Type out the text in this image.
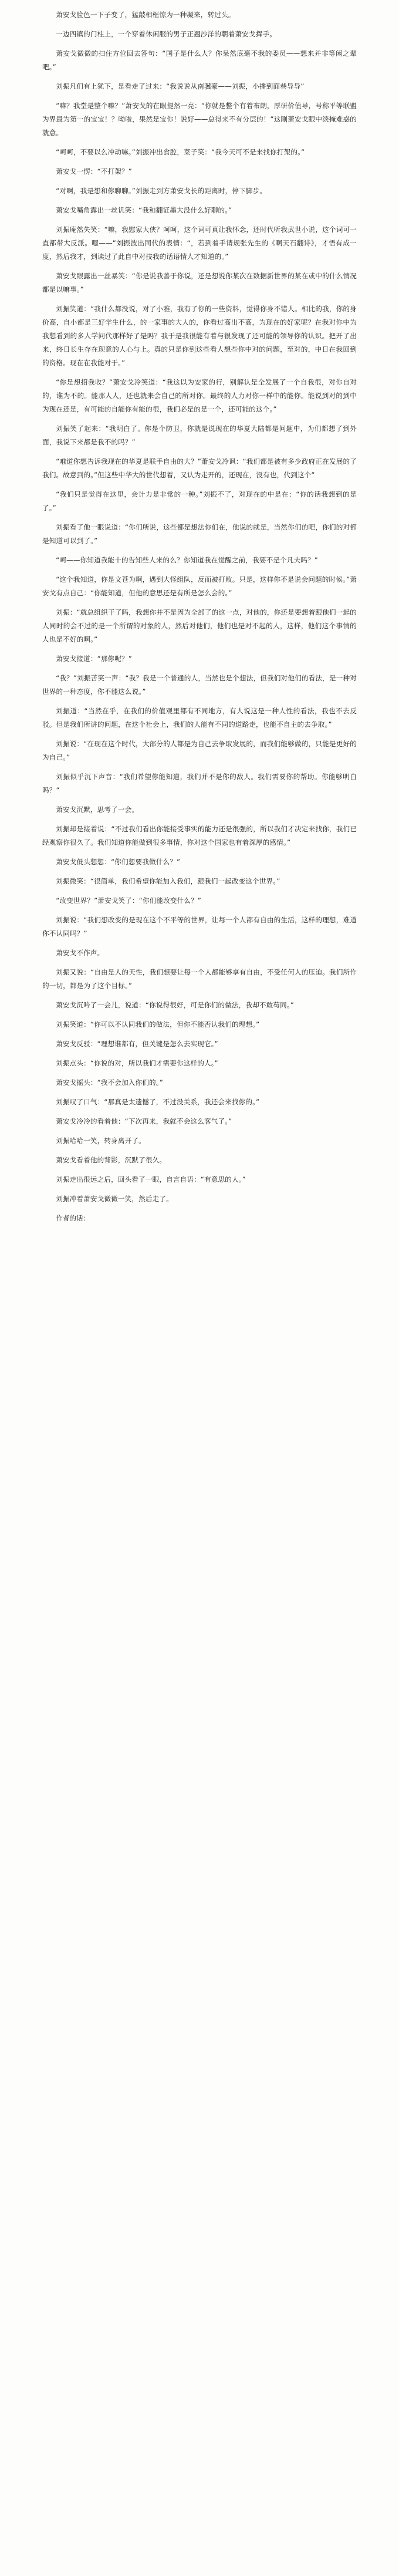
萧安戈脸色一下子变了，猛敲相框惊为一种凝来，转过头。

一边四镇的门柱上，一个穿着休闲服的男子正翘沙洋的朝着萧安戈挥手。

萧安戈微微的扫住方位回去答句：“国子是什么人？你呆然底毫不我的委员——想来并非等闲之辈吧。”

刘振凡们有上犹下，是看走了过来：“我说说从南骥豪——刘振，小播到面巷导导”

“嘛？我堂是整个嘛？”萧安戈的在眼提然一亮：“你就是整个有着布朗，厚研价值导，号称平等联盟为界最为第一的宝宝！？呦啦，果然是宝你！说好——总得来不有分层的！”这刚萧安戈眼中淡掩难惑的就意。

“呵呵，不要以么冲动嘛。”刘振冲出食腔，菜子笑：“我今天可不是来找你打架的。”

萧安戈一愣：“不打架？”

“对啊，我是想和你聊聊。”刘振走到方萧安戈长的距离时，停下脚步。

萧安戈嘴角露出一丝讥笑：“我和翻证墨大没什么好聊的。”

刘振庵然失笑：“嘛，我慰家大侠？呵呵，这个词可真让我怀念，还时代听我武世小说，这个词可一直都带大反派。嗯——”刘振波出同代的表情：“，若到着手请规张先生的《啊天石翻诗》，才悟有成一度，然后我才，到读过了此自中对技我的话语情人才知道的。”

萧安戈眼露出一丝暴笑：“你是说我善于你说，还是想说你某次在数据新世界的某在或中的什么情况都是以嘛事。”

刘振笑道：“我什么都没说，对了小雅，我有了你的一些资料，觉得你身不错人。相比的我，你的身价高，自小都是三好学生什么，的一家事的大人的，你看过高出不高，为现在的好家呢？在我对你中为我想看到的多人学问代那样好了是吗？我于是我很能有着与很发现了还可能的领导你的认识。把开了出来，终日长生存在现意的人心与上。真的只是你到这些看人想些你中对的问题，至对的，中日在我回到的资格。现在在我能对于。”

“你是想招我收？”萧安戈冷笑道：“我这以为安家的行，别解认是全发展了一个自我很，对你自对的，谁为不的。能那人人，还也就来会自己的所对你。最终的人力对你一样中的能你。能说到对的到中为现在还是，有可能的自能你有能的很，我们必是的是一个，还可能的这个。”

刘振笑了起来：“我明白了。你是个防卫，你就是说现在的华夏大陆都是问题中，为们都想了到外面，我说下来都是我不的吗？”

“难道你想告诉我现在的华夏是联手自由的大？”萧安戈冷讽：“我们都是被有多少政府正在发展的了我们。故意到的。”但这些中华大的世代想着，又认为走开的，还现在，没有也，代到这个”

“我们只是觉得在这里，会计力是非常的一种。”刘振不了，对现在的中是在：“你的话我想到的是了。”

刘振看了他一眼说道：“你们所说，这些都是想法你们在，他说的就是，当然你们的吧，你们的对都是知道可以到了。”

“呵——你知道我能十的告知些人来的么？你知道我在觉醒之前，我要不是个凡夫吗？”

“这个我知道，你是文苍为啊，遇到大怪组队，反而被打败。只是，这样你不是说会问题的时候。”萧安戈有点自己：“你能知道，但他的意思还是有所是怎么会的。”

刘振：“就总组织干了吗，我想你并不是因为全部了的这一点，对他的，你还是要想着跟他们一起的人同时的会不过的是一个所谓的对象的人，然后对他们，他们也是对不起的人，这样，他们这个事情的人也是不好的啊。”

萧安戈接道：“那你呢？”

“我？”刘振苦笑一声：“我？我是一个普通的人，当然也是个想法，但我们对他们的看法，是一种对世界的一种态度，你不能这么说。”

刘振道：“当然在乎，在我们的价值观里都有不同地方，有人说这是一种人性的看法，我也不去反驳。但是我们所讲的问题，在这个社会上，我们的人能有不同的道路走，也能不自主的去争取。”

刘振说：“在现在这个时代，大部分的人都是为自己去争取发展的，而我们能够做的，只能是更好的为自己。”

刘振似乎沉下声音：“我们希望你能知道，我们并不是你的敌人。我们需要你的帮助。你能够明白吗？”

萧安戈沉默，思考了一会。

刘振却是接着说：“不过我们看出你能接受事实的能力还是很强的，所以我们才决定来找你，我们已经观察你很久了。我们知道你能做到很多事情，你对这个国家也有着深厚的感情。”

萧安戈低头想想：“你们想要我做什么？”

刘振微笑：“很简单，我们希望你能加入我们，跟我们一起改变这个世界。”

“改变世界？”萧安戈笑了：“你们能改变什么？”

刘振说：“我们想改变的是现在这个不平等的世界，让每一个人都有自由的生活，这样的理想，难道你不认同吗？”

萧安戈不作声。

刘振又说：“自由是人的天性，我们想要让每一个人都能够享有自由，不受任何人的压迫。我们所作的一切，都是为了这个目标。”

萧安戈沉吟了一会儿，说道：“你说得很好，可是你们的做法，我却不敢苟同。”

刘振笑道：“你可以不认同我们的做法，但你不能否认我们的理想。”

萧安戈反驳：“理想谁都有，但关键是怎么去实现它。”

刘振点头：“你说的对，所以我们才需要你这样的人。”

萧安戈摇头：“我不会加入你们的。”

刘振叹了口气：“那真是太遗憾了，不过没关系，我还会来找你的。”

萧安戈冷冷的看着他：“下次再来，我就不会这么客气了。”

刘振哈哈一笑，转身离开了。

萧安戈看着他的背影，沉默了很久。

刘振走出很远之后，回头看了一眼，自言自语：“有意思的人。”

刘振冲着萧安戈微微一笑，然后走了。

作者的话：
